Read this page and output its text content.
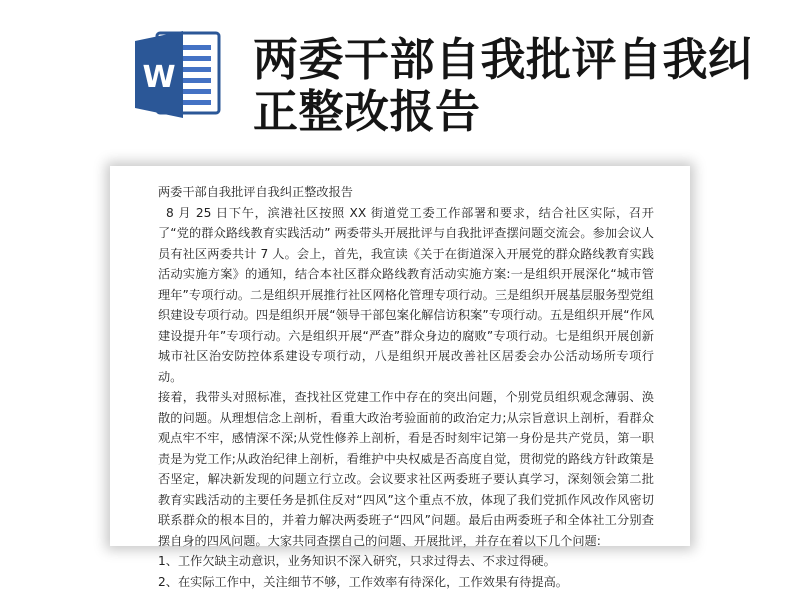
W 两委干部自我批评自我纠正整改报告

两委干部自我批评自我纠正整改报告

8 月 25 日下午，滨港社区按照 XX 街道党工委工作部署和要求，结合社区实际，召开了“党的群众路线教育实践活动” 两委带头开展批评与自我批评查摆问题交流会。参加会议人员有社区两委共计 7 人。会上，首先，我宣读《关于在街道深入开展党的群众路线教育实践活动实施方案》的通知，结合本社区群众路线教育活动实施方案:一是组织开展深化“城市管理年”专项行动。二是组织开展推行社区网格化管理专项行动。三是组织开展基层服务型党组织建设专项行动。四是组织开展“领导干部包案化解信访积案”专项行动。五是组织开展“作风建设提升年”专项行动。六是组织开展“严查”群众身边的腐败”专项行动。七是组织开展创新城市社区治安防控体系建设专项行动，八是组织开展改善社区居委会办公活动场所专项行动。

接着，我带头对照标准，查找社区党建工作中存在的突出问题，个别党员组织观念薄弱、涣散的问题。从理想信念上剖析，看重大政治考验面前的政治定力;从宗旨意识上剖析，看群众观点牢不牢，感情深不深;从党性修养上剖析，看是否时刻牢记第一身份是共产党员，第一职责是为党工作;从政治纪律上剖析，看维护中央权威是否高度自觉，贯彻党的路线方针政策是否坚定，解决新发现的问题立行立改。会议要求社区两委班子要认真学习，深刻领会第二批教育实践活动的主要任务是抓住反对“四风”这个重点不放，体现了我们党抓作风改作风密切联系群众的根本目的，并着力解决两委班子“四风”问题。最后由两委班子和全体社工分别查摆自身的四风问题。大家共同查摆自己的问题、开展批评，并存在着以下几个问题:

1、工作欠缺主动意识，业务知识不深入研究，只求过得去、不求过得硬。

2、在实际工作中，关注细节不够，工作效率有待深化，工作效果有待提高。
